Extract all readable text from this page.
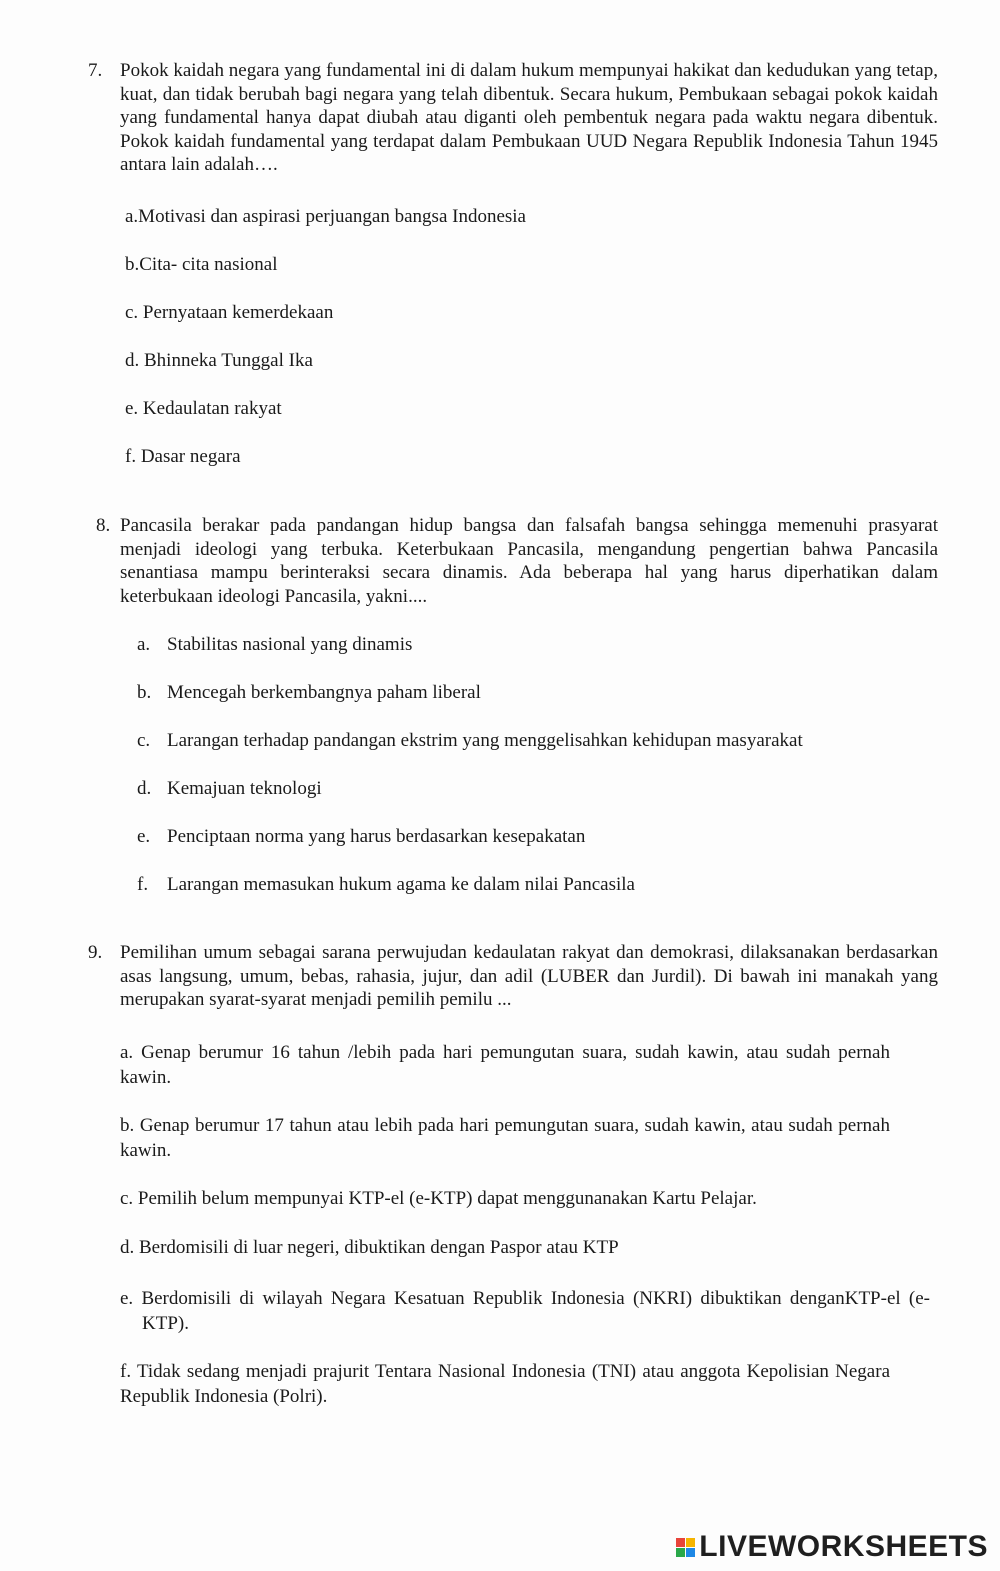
7. Pokok kaidah negara yang fundamental ini di dalam hukum mempunyai hakikat dan kedudukan yang tetap, kuat, dan tidak berubah bagi negara yang telah dibentuk. Secara hukum, Pembukaan sebagai pokok kaidah yang fundamental hanya dapat diubah atau diganti oleh pembentuk negara pada waktu negara dibentuk. Pokok kaidah fundamental yang terdapat dalam Pembukaan UUD Negara Republik Indonesia Tahun 1945 antara lain adalah….
a.Motivasi dan aspirasi perjuangan bangsa Indonesia
b.Cita- cita nasional
c. Pernyataan kemerdekaan
d. Bhinneka Tunggal Ika
e. Kedaulatan rakyat
f. Dasar negara
8. Pancasila berakar pada pandangan hidup bangsa dan falsafah bangsa sehingga memenuhi prasyarat menjadi ideologi yang terbuka. Keterbukaan Pancasila, mengandung pengertian bahwa Pancasila senantiasa mampu berinteraksi secara dinamis. Ada beberapa hal yang harus diperhatikan dalam keterbukaan ideologi Pancasila, yakni....
a. Stabilitas nasional yang dinamis
b. Mencegah berkembangnya paham liberal
c. Larangan terhadap pandangan ekstrim yang menggelisahkan kehidupan masyarakat
d. Kemajuan teknologi
e. Penciptaan norma yang harus berdasarkan kesepakatan
f. Larangan memasukan hukum agama ke dalam nilai Pancasila
9. Pemilihan umum sebagai sarana perwujudan kedaulatan rakyat dan demokrasi, dilaksanakan berdasarkan asas langsung, umum, bebas, rahasia, jujur, dan adil (LUBER dan Jurdil). Di bawah ini manakah yang merupakan syarat-syarat menjadi pemilih pemilu ...
a. Genap berumur 16 tahun /lebih pada hari pemungutan suara, sudah kawin, atau sudah pernah kawin.
b. Genap berumur 17 tahun atau lebih pada hari pemungutan suara, sudah kawin, atau sudah pernah kawin.
c. Pemilih belum mempunyai KTP-el (e-KTP) dapat menggunanakan Kartu Pelajar.
d. Berdomisili di luar negeri, dibuktikan dengan Paspor atau KTP
e. Berdomisili di wilayah Negara Kesatuan Republik Indonesia (NKRI) dibuktikan denganKTP-el (e-KTP).
f. Tidak sedang menjadi prajurit Tentara Nasional Indonesia (TNI) atau anggota Kepolisian Negara Republik Indonesia (Polri).
LIVEWORKSHEETS
